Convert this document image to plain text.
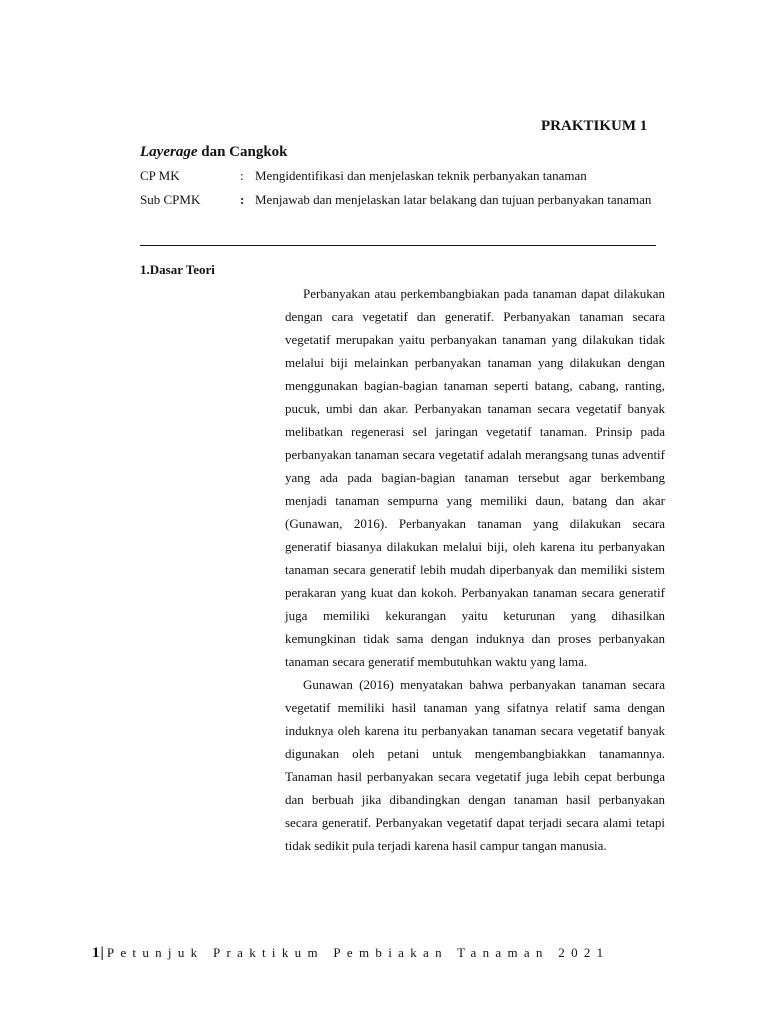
PRAKTIKUM 1
Layerage dan Cangkok
CP MK	: Mengidentifikasi dan menjelaskan teknik perbanyakan tanaman
Sub CPMK	: Menjawab dan menjelaskan latar belakang dan tujuan perbanyakan tanaman
1.Dasar Teori

Perbanyakan atau perkembangbiakan pada tanaman dapat dilakukan dengan cara vegetatif dan generatif. Perbanyakan tanaman secara vegetatif merupakan yaitu perbanyakan tanaman yang dilakukan tidak melalui biji melainkan perbanyakan tanaman yang dilakukan dengan menggunakan bagian-bagian tanaman seperti batang, cabang, ranting, pucuk, umbi dan akar. Perbanyakan tanaman secara vegetatif banyak melibatkan regenerasi sel jaringan vegetatif tanaman. Prinsip pada perbanyakan tanaman secara vegetatif adalah merangsang tunas adventif yang ada pada bagian-bagian tanaman tersebut agar berkembang menjadi tanaman sempurna yang memiliki daun, batang dan akar (Gunawan, 2016). Perbanyakan tanaman yang dilakukan secara generatif biasanya dilakukan melalui biji, oleh karena itu perbanyakan tanaman secara generatif lebih mudah diperbanyak dan memiliki sistem perakaran yang kuat dan kokoh. Perbanyakan tanaman secara generatif juga memiliki kekurangan yaitu keturunan yang dihasilkan kemungkinan tidak sama dengan induknya dan proses perbanyakan tanaman secara generatif membutuhkan waktu yang lama.

Gunawan (2016) menyatakan bahwa perbanyakan tanaman secara vegetatif memiliki hasil tanaman yang sifatnya relatif sama dengan induknya oleh karena itu perbanyakan tanaman secara vegetatif banyak digunakan oleh petani untuk mengembangbiakkan tanamannya. Tanaman hasil perbanyakan secara vegetatif juga lebih cepat berbunga dan berbuah jika dibandingkan dengan tanaman hasil perbanyakan secara generatif. Perbanyakan vegetatif dapat terjadi secara alami tetapi tidak sedikit pula terjadi karena hasil campur tangan manusia.

1| Petunjuk Praktikum Pembiakan Tanaman 2021
